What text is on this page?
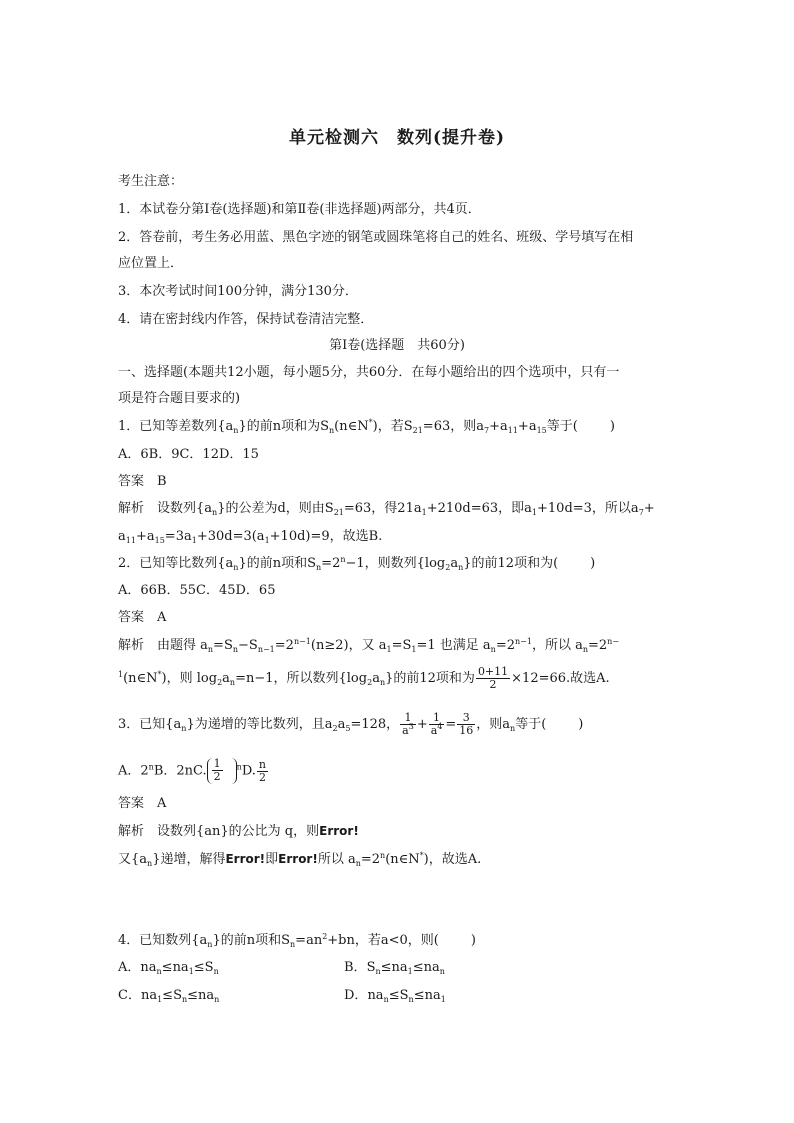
单元检测六　数列(提升卷)
考生注意：
1．本试卷分第Ⅰ卷(选择题)和第Ⅱ卷(非选择题)两部分，共4页．
2．答卷前，考生务必用蓝、黑色字迹的钢笔或圆珠笔将自己的姓名、班级、学号填写在相
应位置上．
3．本次考试时间100分钟，满分130分．
4．请在密封线内作答，保持试卷清洁完整．
第Ⅰ卷(选择题　共60分)
一、选择题(本题共12小题，每小题5分，共60分．在每小题给出的四个选项中，只有一
项是符合题目要求的)
1．已知等差数列$\{a_n\}$的前n项和为$S_n(n\in N^*)$，若$S_{21}=63$，则$a_7+a_{11}+a_{15}$等于( )
A．6B．9C．12D．15
答案　B
解析　设数列$\{a_n\}$的公差为d，则由$S_{21}=63$，得$21a_1+210d=63$，即$a_1+10d=3$，所以$a_7+$
$a_{11}+a_{15}=3a_1+30d=3(a_1+10d)=9$，故选B.
2．已知等比数列$\{a_n\}$的前n项和$S_n=2^n-1$，则数列$\{\log_2a_n\}$的前12项和为( )
A．66B．55C．45D．65
答案　A
解析　由题得 $a_n=S_n-S_{n-1}=2^{n-1}(n\ge 2)$，又 $a_1=S_1=1$ 也满足 $a_n=2^{n-1}$，所以 $a_n=2^{n-}$
$^1$(n∈N*)，则 $\log_2a_n=n-1$，所以数列$\{\log_2a_n\}$的前12项和为 $\frac{0+11}{2} \times 12=66$.故选A.
3．已知$\{a_n\}$为递增的等比数列，且$a_2a_5=128$， $\frac{1}{a^3} + \frac{1}{a^4} = \frac{3}{16}$ ，则$a_n$等于( )
A．2$^n$B．2nC. $\frac{1}{2} ^nD$. $\frac{n}{2}$
答案　A
解析　设数列{an}的公比为 q，则Error!
又$\{a_n\}$递增，解得Error!即Error!所以 $a_n=2^n(n\in N^*)$，故选A.
4．已知数列$\{a_n\}$的前n项和$S_n=an^2+bn$，若a<0，则( )
A．$na_n\le na_1\le S_n$	B．$S_n\le na_1\le na_n$
C．$na_1\le S_n\le na_n$	D．$na_n\le S_n\le na_1$
